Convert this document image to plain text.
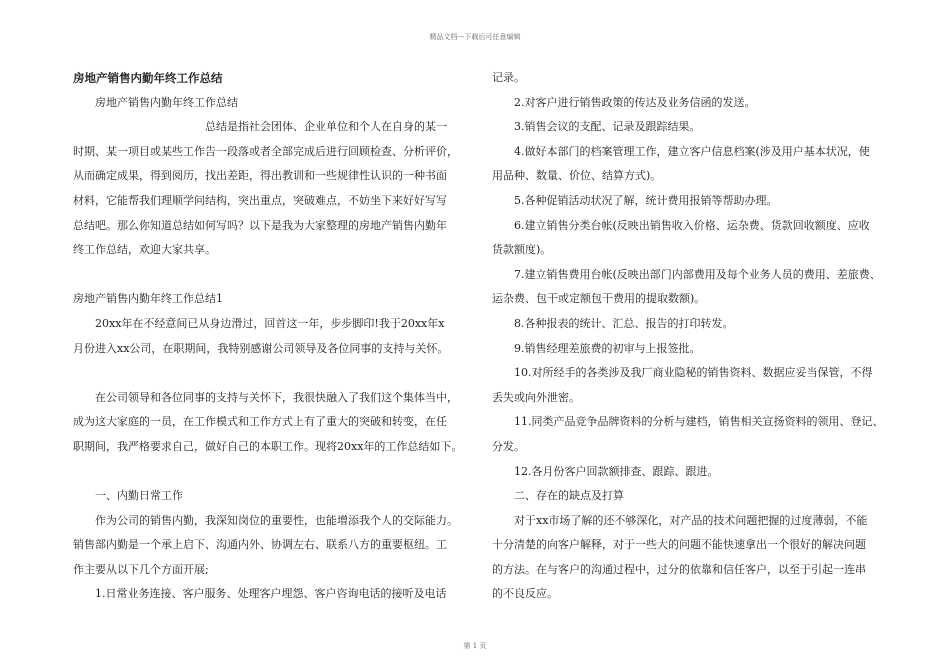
精品文档---下载后可任意编辑

房地产销售内勤年终工作总结

房地产销售内勤年终工作总结

总结是指社会团体、企业单位和个人在自身的某一

时期、某一项目或某些工作告一段落或者全部完成后进行回顾检查、分析评价，

从而确定成果，得到阅历，找出差距，得出教训和一些规律性认识的一种书面

材料，它能帮我们理顺学问结构，突出重点，突破难点，不妨坐下来好好写写

总结吧。那么你知道总结如何写吗？以下是我为大家整理的房地产销售内勤年

终工作总结，欢迎大家共享。

房地产销售内勤年终工作总结1

20xx年在不经意间已从身边滑过，回首这一年，步步脚印!我于20xx年x

月份进入xx公司，在职期间，我特别感谢公司领导及各位同事的支持与关怀。

在公司领导和各位同事的支持与关怀下，我很快融入了我们这个集体当中，

成为这大家庭的一员，在工作模式和工作方式上有了重大的突破和转变，在任

职期间，我严格要求自己，做好自己的本职工作。现将20xx年的工作总结如下。

一、内勤日常工作

作为公司的销售内勤，我深知岗位的重要性，也能增添我个人的交际能力。

销售部内勤是一个承上启下、沟通内外、协调左右、联系八方的重要枢纽。工

作主要从以下几个方面开展;

1.日常业务连接、客户服务、处理客户埋怨、客户咨询电话的接听及电话

记录。

2.对客户进行销售政策的传达及业务信函的发送。

3.销售会议的支配、记录及跟踪结果。

4.做好本部门的档案管理工作，建立客户信息档案(涉及用户基本状况，使

用品种、数量、价位、结算方式)。

5.各种促销活动状况了解，统计费用报销等帮助办理。

6.建立销售分类台帐(反映出销售收入价格、运杂费、货款回收额度、应收

货款额度)。

7.建立销售费用台帐(反映出部门内部费用及每个业务人员的费用、差旅费、

运杂费、包干或定额包干费用的提取数额)。

8.各种报表的统计、汇总、报告的打印转发。

9.销售经理差旅费的初审与上报签批。

10.对所经手的各类涉及我厂商业隐秘的销售资料、数据应妥当保管，不得

丢失或向外泄密。

11.同类产品竞争品牌资料的分析与建档，销售相关宣扬资料的领用、登记、

分发。

12.各月份客户回款额排查、跟踪、跟进。

二、存在的缺点及打算

对于xx市场了解的还不够深化，对产品的技术问题把握的过度薄弱，不能

十分清楚的向客户解释，对于一些大的问题不能快速拿出一个很好的解决问题

的方法。在与客户的沟通过程中，过分的依靠和信任客户，以至于引起一连串

的不良反应。

第 1 页
